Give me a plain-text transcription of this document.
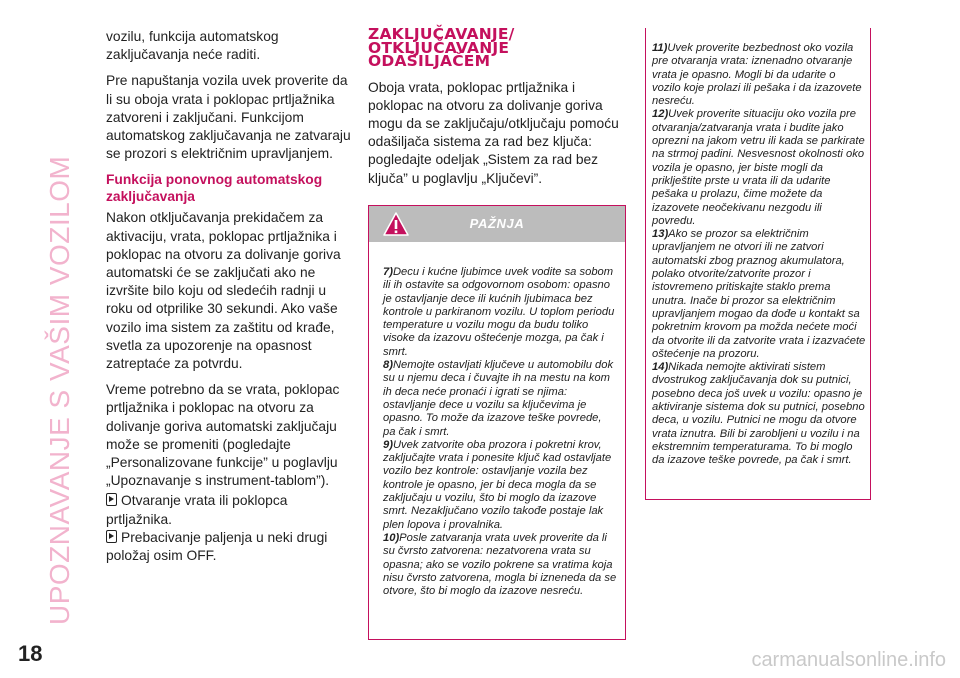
UPOZNAVANJE S VAŠIM VOZILOM

vozilu, funkcija automatskog zaključavanja neće raditi.

Pre napuštanja vozila uvek proverite da li su oboja vrata i poklopac prtljažnika zatvoreni i zaključani. Funkcijom automatskog zaključavanja ne zatvaraju se prozori s električnim upravljanjem.

Funkcija ponovnog automatskog zaključavanja

Nakon otključavanja prekidačem za aktivaciju, vrata, poklopac prtljažnika i poklopac na otvoru za dolivanje goriva automatski će se zaključati ako ne izvršite bilo koju od sledećih radnji u roku od otprilike 30 sekundi. Ako vaše vozilo ima sistem za zaštitu od krađe, svetla za upozorenje na opasnost zatreptaće za potvrdu.

Vreme potrebno da se vrata, poklopac prtljažnika i poklopac na otvoru za dolivanje goriva automatski zaključaju može se promeniti (pogledajte „Personalizovane funkcije” u poglavlju „Upoznavanje s instrument-tablom”).

Otvaranje vrata ili poklopca prtljažnika.
Prebacivanje paljenja u neki drugi položaj osim OFF.
ZAKLJUČAVANJE/
OTKLJUČAVANJE
ODAŠILJAČEM
Oboja vrata, poklopac prtljažnika i poklopac na otvoru za dolivanje goriva mogu da se zaključaju/otključaju pomoću odašiljača sistema za rad bez ključa: pogledajte odeljak „Sistem za rad bez ključa” u poglavlju „Ključevi”.
PAŽNJA

7)Decu i kućne ljubimce uvek vodite sa sobom ili ih ostavite sa odgovornom osobom: opasno je ostavljanje dece ili kućnih ljubimaca bez kontrole u parkiranom vozilu. U toplom periodu temperature u vozilu mogu da budu toliko visoke da izazovu oštećenje mozga, pa čak i smrt.

8)Nemojte ostavljati ključeve u automobilu dok su u njemu deca i čuvajte ih na mestu na kom ih deca neće pronaći i igrati se njima: ostavljanje dece u vozilu sa ključevima je opasno. To može da izazove teške povrede, pa čak i smrt.

9)Uvek zatvorite oba prozora i pokretni krov, zaključajte vrata i ponesite ključ kad ostavljate vozilo bez kontrole: ostavljanje vozila bez kontrole je opasno, jer bi deca mogla da se zaključaju u vozilu, što bi moglo da izazove smrt. Nezaključano vozilo takođe postaje lak plen lopova i provalnika.

10)Posle zatvaranja vrata uvek proverite da li su čvrsto zatvorena: nezatvorena vrata su opasna; ako se vozilo pokrene sa vratima koja nisu čvrsto zatvorena, mogla bi izneneda da se otvore, što bi moglo da izazove nesreću.

11)Uvek proverite bezbednost oko vozila pre otvaranja vrata: iznenadno otvaranje vrata je opasno. Mogli bi da udarite o vozilo koje prolazi ili pešaka i da izazovete nesreću.

12)Uvek proverite situaciju oko vozila pre otvaranja/zatvaranja vrata i budite jako oprezni na jakom vetru ili kada se parkirate na strmoj padini. Nesvesnost okolnosti oko vozila je opasno, jer biste mogli da priklještite prste u vrata ili da udarite pešaka u prolazu, čime možete da izazovete neočekivanu nezgodu ili povredu.

13)Ako se prozor sa električnim upravljanjem ne otvori ili ne zatvori automatski zbog praznog akumulatora, polako otvorite/zatvorite prozor i istovremeno pritiskajte staklo prema unutra. Inače bi prozor sa električnim upravljanjem mogao da dođe u kontakt sa pokretnim krovom pa možda nećete moći da otvorite ili da zatvorite vrata i izazvaćete oštećenje na prozoru.

14)Nikada nemojte aktivirati sistem dvostrukog zaključavanja dok su putnici, posebno deca još uvek u vozilu: opasno je aktiviranje sistema dok su putnici, posebno deca, u vozilu. Putnici ne mogu da otvore vrata iznutra. Bili bi zarobljeni u vozilu i na ekstremnim temperaturama. To bi moglo da izazove teške povrede, pa čak i smrt.

18	carmanualsonline.info
